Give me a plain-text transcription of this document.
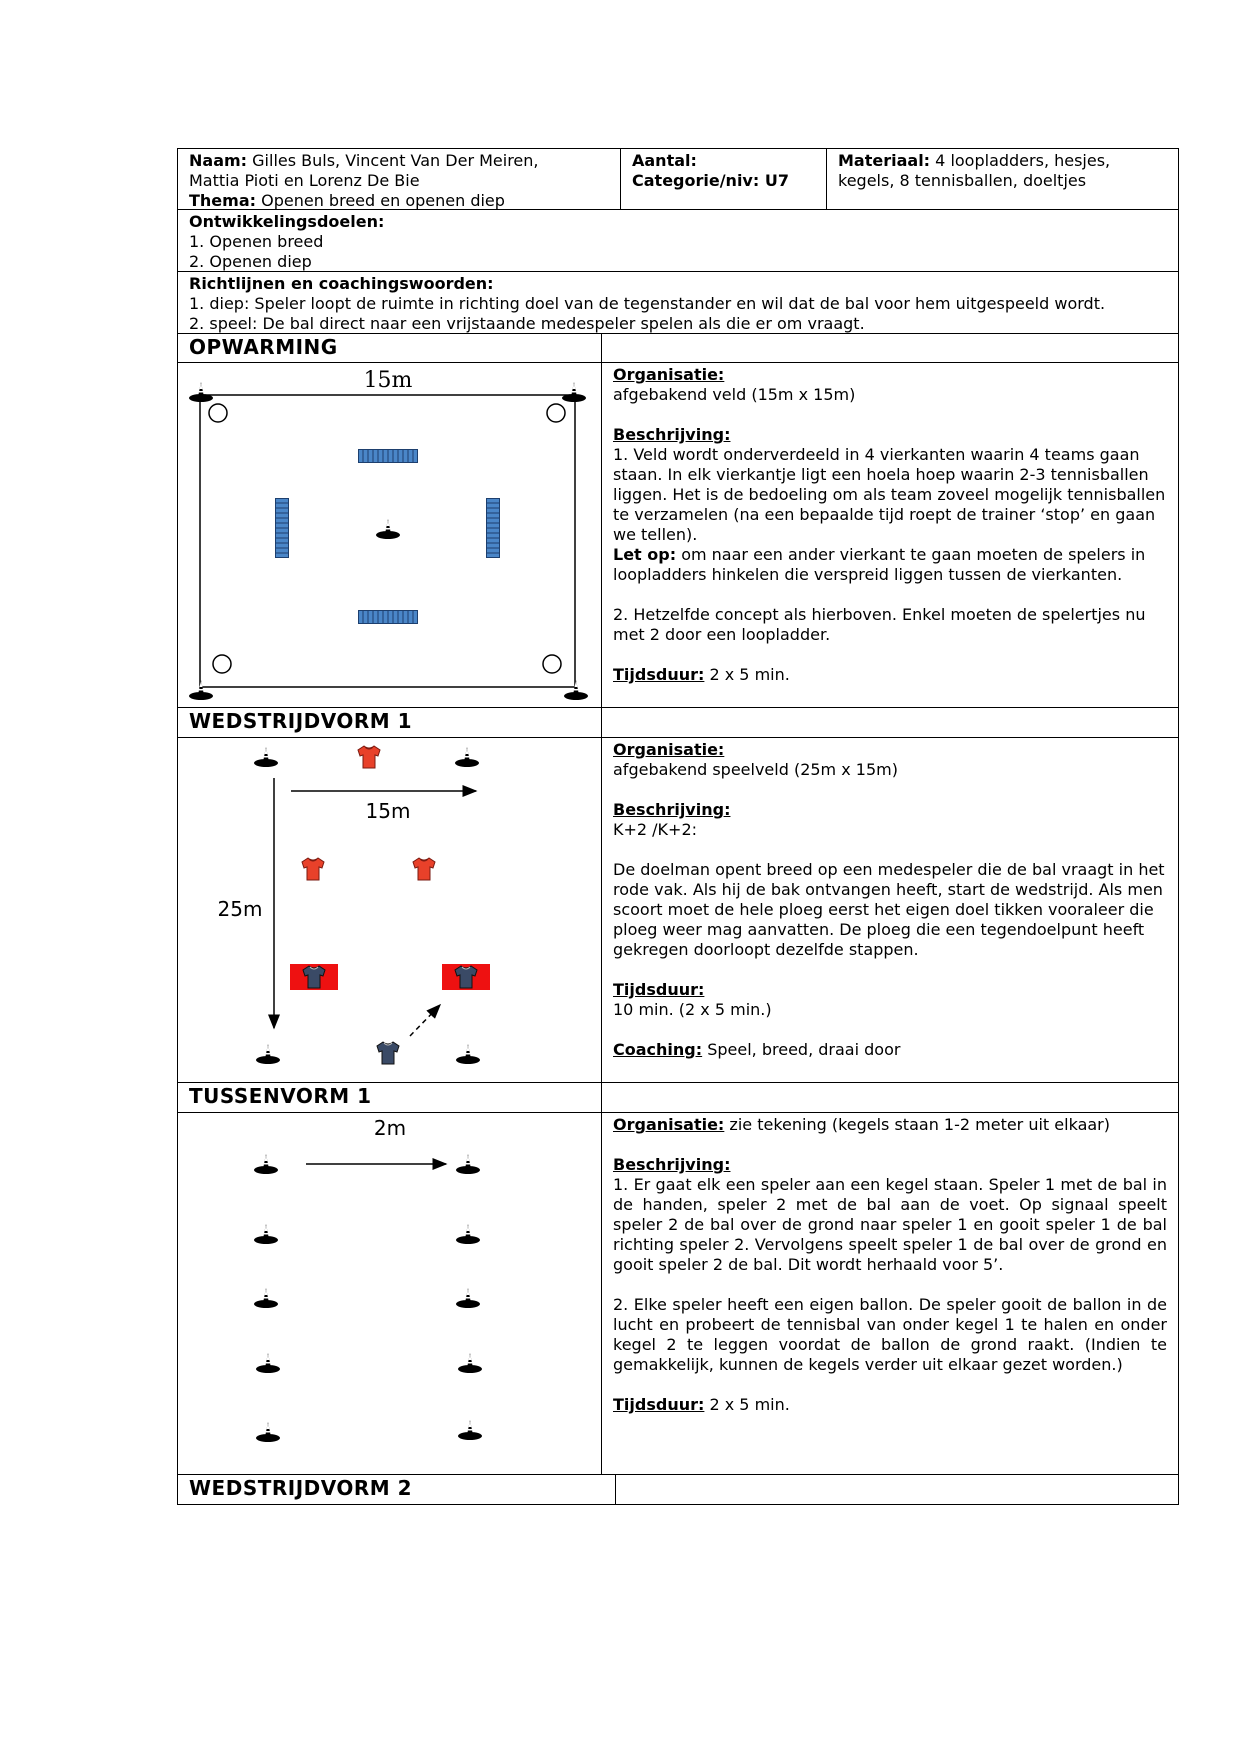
Naam: Gilles Buls, Vincent Van Der Meiren,
Mattia Pioti en Lorenz De Bie
Thema: Openen breed en openen diep
Aantal:
Categorie/niv: U7
Materiaal: 4 loopladders, hesjes,
kegels, 8 tennisballen, doeltjes
Ontwikkelingsdoelen:
1. Openen breed
2. Openen diep
Richtlijnen en coachingswoorden:
1. diep: Speler loopt de ruimte in richting doel van de tegenstander en wil dat de bal voor hem uitgespeeld wordt.
2. speel: De bal direct naar een vrijstaande medespeler spelen als die er om vraagt.
OPWARMING
15m	Organisatie:

afgebakend veld (15m x 15m)

Beschrijving:

1. Veld wordt onderverdeeld in 4 vierkanten waarin 4 teams gaan staan. In elk vierkantje ligt een hoela hoep waarin 2-3 tennisballen liggen. Het is de bedoeling om als team zoveel mogelijk tennisballen te verzamelen (na een bepaalde tijd roept de trainer ‘stop’ en gaan we tellen).

Let op: om naar een ander vierkant te gaan moeten de spelers in loopladders hinkelen die verspreid liggen tussen de vierkanten.

2. Hetzelfde concept als hierboven. Enkel moeten de spelertjes nu met 2 door een loopladder.

Tijdsduur: 2 x 5 min.

WEDSTRIJDVORM 1
15m
25m

Organisatie:

afgebakend speelveld (25m x 15m)

Beschrijving:

K+2 /K+2:

De doelman opent breed op een medespeler die de bal vraagt in het rode vak. Als hij de bak ontvangen heeft, start de wedstrijd. Als men scoort moet de hele ploeg eerst het eigen doel tikken vooraleer die ploeg weer mag aanvatten. De ploeg die een tegendoelpunt heeft gekregen doorloopt dezelfde stappen.

Tijdsduur:

10 min. (2 x 5 min.)

Coaching: Speel, breed, draai door

TUSSENVORM 1
2m	Organisatie: zie tekening (kegels staan 1-2 meter uit elkaar)

Beschrijving:

1. Er gaat elk een speler aan een kegel staan. Speler 1 met de bal in de handen, speler 2 met de bal aan de voet. Op signaal speelt speler 2 de bal over de grond naar speler 1 en gooit speler 1 de bal richting speler 2. Vervolgens speelt speler 1 de bal over de grond en gooit speler 2 de bal. Dit wordt herhaald voor 5’.

2. Elke speler heeft een eigen ballon. De speler gooit de ballon in de lucht en probeert de tennisbal van onder kegel 1 te halen en onder kegel 2 te leggen voordat de ballon de grond raakt. (Indien te gemakkelijk, kunnen de kegels verder uit elkaar gezet worden.)

Tijdsduur: 2 x 5 min.

WEDSTRIJDVORM 2
